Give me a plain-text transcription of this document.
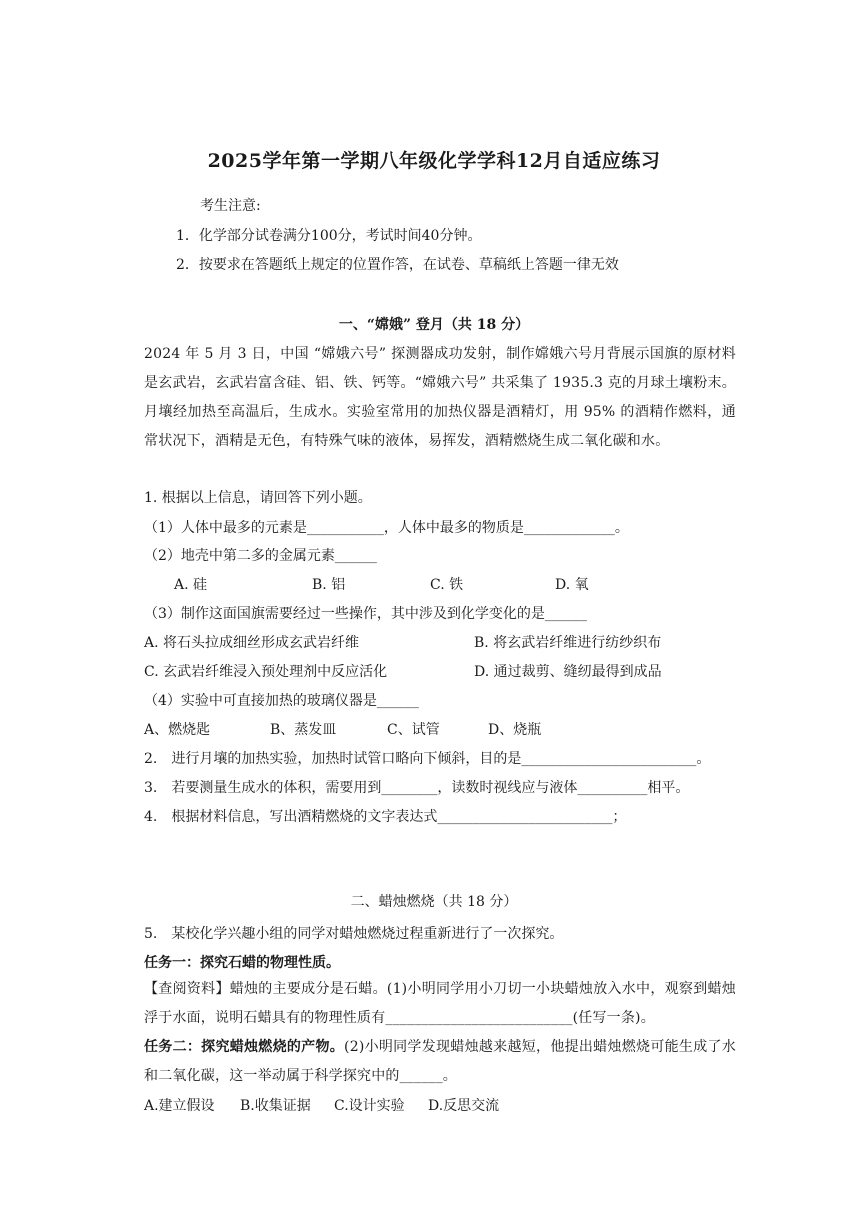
2025学年第一学期八年级化学学科12月自适应练习
考生注意:
1．化学部分试卷满分100分，考试时间40分钟。
2．按要求在答题纸上规定的位置作答，在试卷、草稿纸上答题一律无效
一、“嫦娥” 登月（共 18 分）
2024 年 5 月 3 日，中国 “嫦娥六号” 探测器成功发射，制作嫦娥六号月背展示国旗的原材料是玄武岩，玄武岩富含硅、铝、铁、钙等。“嫦娥六号” 共采集了 1935.3 克的月球土壤粉末。月壤经加热至高温后，生成水。实验室常用的加热仪器是酒精灯，用 95% 的酒精作燃料，通常状况下，酒精是无色，有特殊气味的液体，易挥发，酒精燃烧生成二氧化碳和水。
1. 根据以上信息，请回答下列小题。
（1）人体中最多的元素是___________，人体中最多的物质是_____________。
（2）地壳中第二多的金属元素______
A. 硅	B. 铝	C. 铁	D. 氧
（3）制作这面国旗需要经过一些操作，其中涉及到化学变化的是______
A. 将石头拉成细丝形成玄武岩纤维	B. 将玄武岩纤维进行纺纱织布
C. 玄武岩纤维浸入预处理剂中反应活化	D. 通过裁剪、缝纫最得到成品
（4）实验中可直接加热的玻璃仪器是______
A、燃烧匙	B、蒸发皿	C、试管	D、烧瓶
2.　进行月壤的加热实验，加热时试管口略向下倾斜，目的是_________________________。
3.　若要测量生成水的体积，需要用到________，读数时视线应与液体__________相平。
4.　根据材料信息，写出酒精燃烧的文字表达式_________________________；
二、蜡烛燃烧（共 18 分）
5.　某校化学兴趣小组的同学对蜡烛燃烧过程重新进行了一次探究。
任务一：探究石蜡的物理性质。
【查阅资料】蜡烛的主要成分是石蜡。(1)小明同学用小刀切一小块蜡烛放入水中，观察到蜡烛浮于水面，说明石蜡具有的物理性质有__________________________(任写一条)。
任务二：探究蜡烛燃烧的产物。(2)小明同学发现蜡烛越来越短，他提出蜡烛燃烧可能生成了水和二氧化碳，这一举动属于科学探究中的______。
A.建立假设 B.收集证据 C.设计实验 D.反思交流
